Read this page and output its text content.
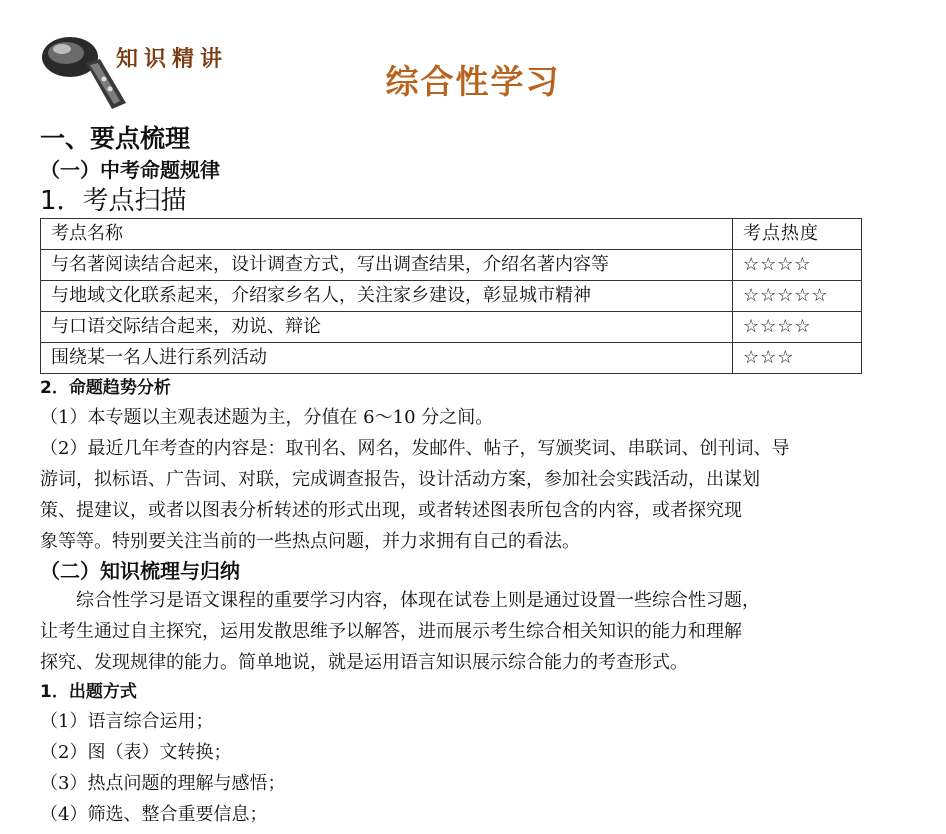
知识精讲
综合性学习
一、要点梳理
（一）中考命题规律
1．考点扫描
考点名称	考点热度
与名著阅读结合起来，设计调查方式，写出调查结果，介绍名著内容等	☆☆☆☆
与地域文化联系起来，介绍家乡名人，关注家乡建设，彰显城市精神	☆☆☆☆☆
与口语交际结合起来，劝说、辩论	☆☆☆☆
围绕某一名人进行系列活动	☆☆☆
2．命题趋势分析

（1）本专题以主观表述题为主，分值在 6～10 分之间。

（2）最近几年考查的内容是：取刊名、网名，发邮件、帖子，写颁奖词、串联词、创刊词、导

游词，拟标语、广告词、对联，完成调查报告，设计活动方案，参加社会实践活动，出谋划

策、提建议，或者以图表分析转述的形式出现，或者转述图表所包含的内容，或者探究现

象等等。特别要关注当前的一些热点问题，并力求拥有自己的看法。

（二）知识梳理与归纳

综合性学习是语文课程的重要学习内容，体现在试卷上则是通过设置一些综合性习题，

让考生通过自主探究，运用发散思维予以解答，进而展示考生综合相关知识的能力和理解

探究、发现规律的能力。简单地说，就是运用语言知识展示综合能力的考查形式。

1．出题方式

（1）语言综合运用；

（2）图（表）文转换；

（3）热点问题的理解与感悟；

（4）筛选、整合重要信息；
